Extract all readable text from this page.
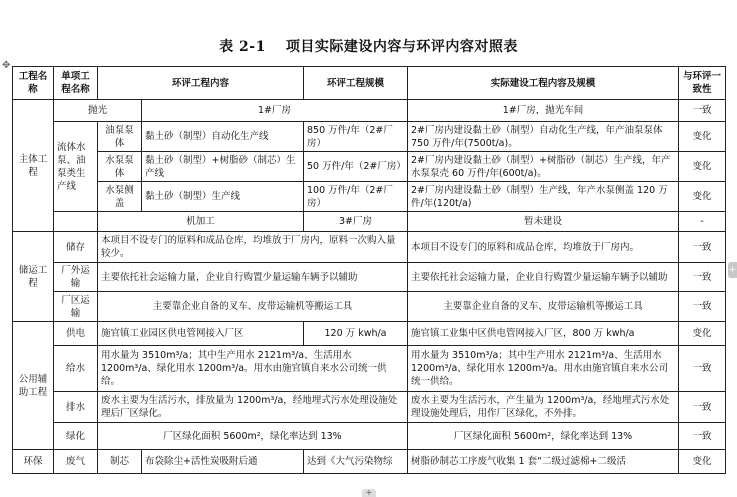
✥
表 2-1 项目实际建设内容与环评内容对照表
工程名称	单项工程名称	环评工程内容		环评工程规模	实际建设工程内容及规模	与环评一致性
主体工程	抛光		1#厂房		1#厂房，抛光车间	一致
	流体水泵、油泵类生产线	油泵泵体	黏土砂（制型）自动化生产线	850 万件/年（2#厂房）	2#厂房内建设黏土砂（制型）自动化生产线，年产油泵泵体 750 万件/年(7500t/a)。	变化
		水泵泵体	黏土砂（制型）+树脂砂（制芯）生产线	50 万件/年（2#厂房）	2#厂房内建设黏土砂（制型）+树脂砂（制芯）生产线，年产水泵泵壳 60 万件/年(600t/a)。	变化
		水泵侧盖	黏土砂（制型）生产线	100 万件/年（2#厂房）	2#厂房内建设黏土砂（制型）生产线，年产水泵侧盖 120 万件/年(120t/a)	变化
		机加工		3#厂房	暂未建设	-

储运工程	储存	本项目不设专门的原料和成品仓库，均堆放于厂房内，原料一次购入量较少。			本项目不设专门的原料和成品仓库，均堆放于厂房内。	一致
	厂外运输	主要依托社会运输力量，企业自行购置少量运输车辆予以辅助			主要依托社会运输力量，企业自行购置少量运输车辆予以辅助	一致
	厂区运输	主要靠企业自备的叉车、皮带运输机等搬运工具			主要靠企业自备的叉车、皮带运输机等搬运工具	一致
公用辅助工程	供电	施官镇工业园区供电管网接入厂区		120 万 kwh/a	施官镇工业集中区供电管网接入厂区，800 万 kwh/a	变化
	给水	用水量为 3510m³/a；其中生产用水 2121m³/a、生活用水 1200m³/a、绿化用水 1200m³/a。用水由施官镇自来水公司统一供给。			用水量为 3510m³/a；其中生产用水 2121m³/a、生活用水 1200m³/a、绿化用水 1200m³/a。用水由施官镇自来水公司统一供给。	一致
	排水	废水主要为生活污水，排放量为 1200m³/a，经地埋式污水处理设施处理后厂区绿化。			废水主要为生活污水，产生量为 1200m³/a，经地埋式污水处理设施处理后，用作厂区绿化，不外排。	一致
	绿化	厂区绿化面积 5600m²，绿化率达到 13%			厂区绿化面积 5600m²，绿化率达到 13%	一致
环保	废气	制芯	布袋除尘+活性炭吸附后通	达到《大气污染物综	树脂砂制芯工序废气收集 1 套“二级过滤棉+二级活	变化
+
+
